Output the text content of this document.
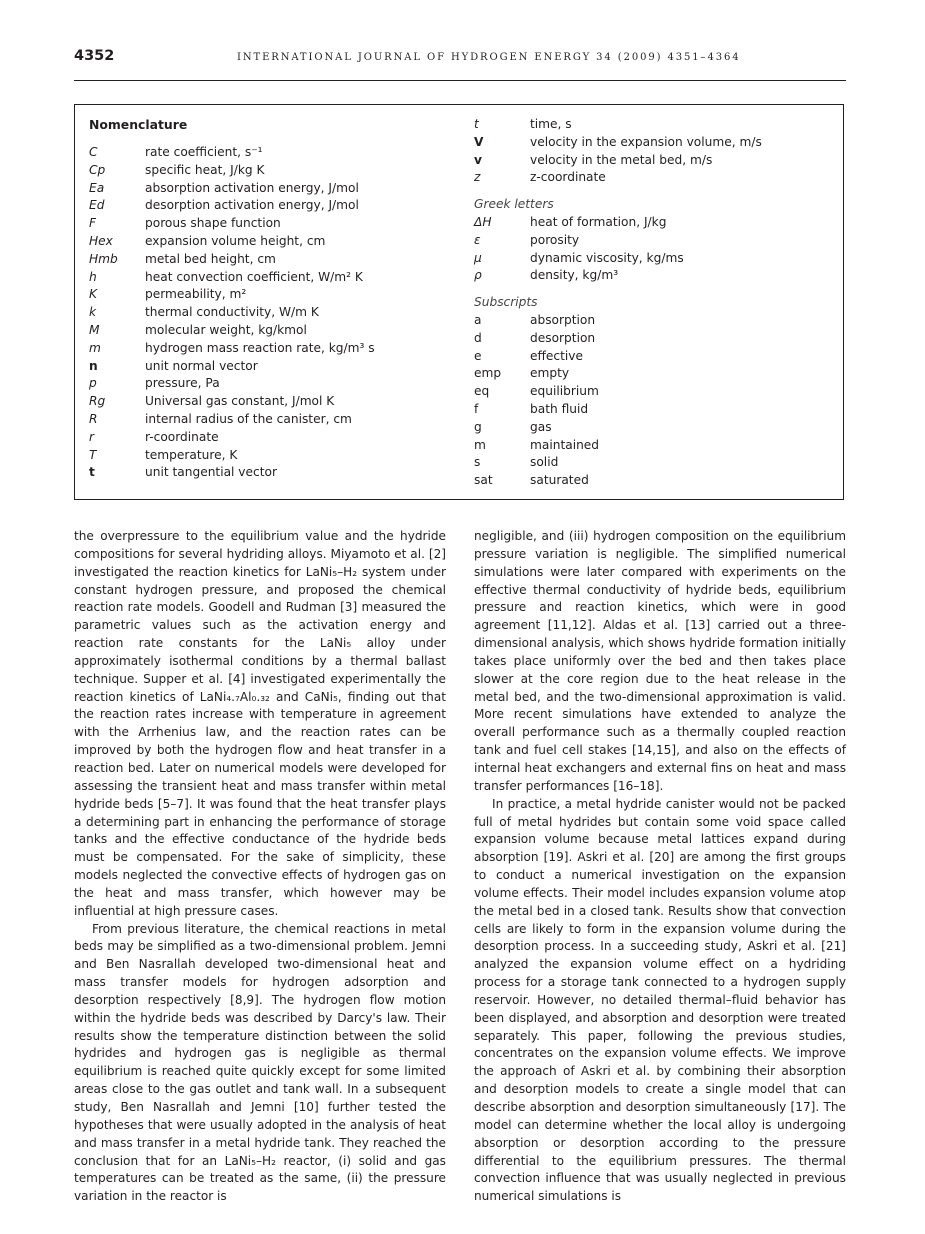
4352	INTERNATIONAL JOURNAL OF HYDROGEN ENERGY 34 (2009) 4351–4364
Nomenclature
C	rate coefficient, s⁻¹
Cp	specific heat, J/kg K
Ea	absorption activation energy, J/mol
Ed	desorption activation energy, J/mol
F	porous shape function
Hex	expansion volume height, cm
Hmb metal bed height, cm
h	heat convection coefficient, W/m² K
K	permeability, m²
k	thermal conductivity, W/m K
M	molecular weight, kg/kmol
m	hydrogen mass reaction rate, kg/m³ s
n	unit normal vector
p	pressure, Pa
Rg	Universal gas constant, J/mol K
R	internal radius of the canister, cm
r	r-coordinate
T	temperature, K
t	unit tangential vector
t	time, s
V	velocity in the expansion volume, m/s
v	velocity in the metal bed, m/s
z	z-coordinate
Greek letters
ΔH	heat of formation, J/kg
ε	porosity
μ	dynamic viscosity, kg/ms
ρ	density, kg/m³
Subscripts
a	absorption
d	desorption
e	effective
emp empty
eq	equilibrium
f	bath fluid
g	gas
m	maintained
s	solid
sat	saturated

the overpressure to the equilibrium value and the hydride compositions for several hydriding alloys. Miyamoto et al. [2] investigated the reaction kinetics for LaNi₅–H₂ system under constant hydrogen pressure, and proposed the chemical reaction rate models. Goodell and Rudman [3] measured the parametric values such as the activation energy and reaction rate constants for the LaNi₅ alloy under approximately isothermal conditions by a thermal ballast technique. Supper et al. [4] investigated experimentally the reaction kinetics of LaNi₄.₇Al₀.₃₂ and CaNi₅, finding out that the reaction rates increase with temperature in agreement with the Arrhenius law, and the reaction rates can be improved by both the hydrogen flow and heat transfer in a reaction bed. Later on numerical models were developed for assessing the transient heat and mass transfer within metal hydride beds [5–7]. It was found that the heat transfer plays a determining part in enhancing the performance of storage tanks and the effective conductance of the hydride beds must be compensated. For the sake of simplicity, these models neglected the convective effects of hydrogen gas on the heat and mass transfer, which however may be influential at high pressure cases.

From previous literature, the chemical reactions in metal beds may be simplified as a two-dimensional problem. Jemni and Ben Nasrallah developed two-dimensional heat and mass transfer models for hydrogen adsorption and desorption respectively [8,9]. The hydrogen flow motion within the hydride beds was described by Darcy's law. Their results show the temperature distinction between the solid hydrides and hydrogen gas is negligible as thermal equilibrium is reached quite quickly except for some limited areas close to the gas outlet and tank wall. In a subsequent study, Ben Nasrallah and Jemni [10] further tested the hypotheses that were usually adopted in the analysis of heat and mass transfer in a metal hydride tank. They reached the conclusion that for an LaNi₅–H₂ reactor, (i) solid and gas temperatures can be treated as the same, (ii) the pressure variation in the reactor is

negligible, and (iii) hydrogen composition on the equilibrium pressure variation is negligible. The simplified numerical simulations were later compared with experiments on the effective thermal conductivity of hydride beds, equilibrium pressure and reaction kinetics, which were in good agreement [11,12]. Aldas et al. [13] carried out a three-dimensional analysis, which shows hydride formation initially takes place uniformly over the bed and then takes place slower at the core region due to the heat release in the metal bed, and the two-dimensional approximation is valid. More recent simulations have extended to analyze the overall performance such as a thermally coupled reaction tank and fuel cell stakes [14,15], and also on the effects of internal heat exchangers and external fins on heat and mass transfer performances [16–18].

In practice, a metal hydride canister would not be packed full of metal hydrides but contain some void space called expansion volume because metal lattices expand during absorption [19]. Askri et al. [20] are among the first groups to conduct a numerical investigation on the expansion volume effects. Their model includes expansion volume atop the metal bed in a closed tank. Results show that convection cells are likely to form in the expansion volume during the desorption process. In a succeeding study, Askri et al. [21] analyzed the expansion volume effect on a hydriding process for a storage tank connected to a hydrogen supply reservoir. However, no detailed thermal–fluid behavior has been displayed, and absorption and desorption were treated separately. This paper, following the previous studies, concentrates on the expansion volume effects. We improve the approach of Askri et al. by combining their absorption and desorption models to create a single model that can describe absorption and desorption simultaneously [17]. The model can determine whether the local alloy is undergoing absorption or desorption according to the pressure differential to the equilibrium pressures. The thermal convection influence that was usually neglected in previous numerical simulations is
